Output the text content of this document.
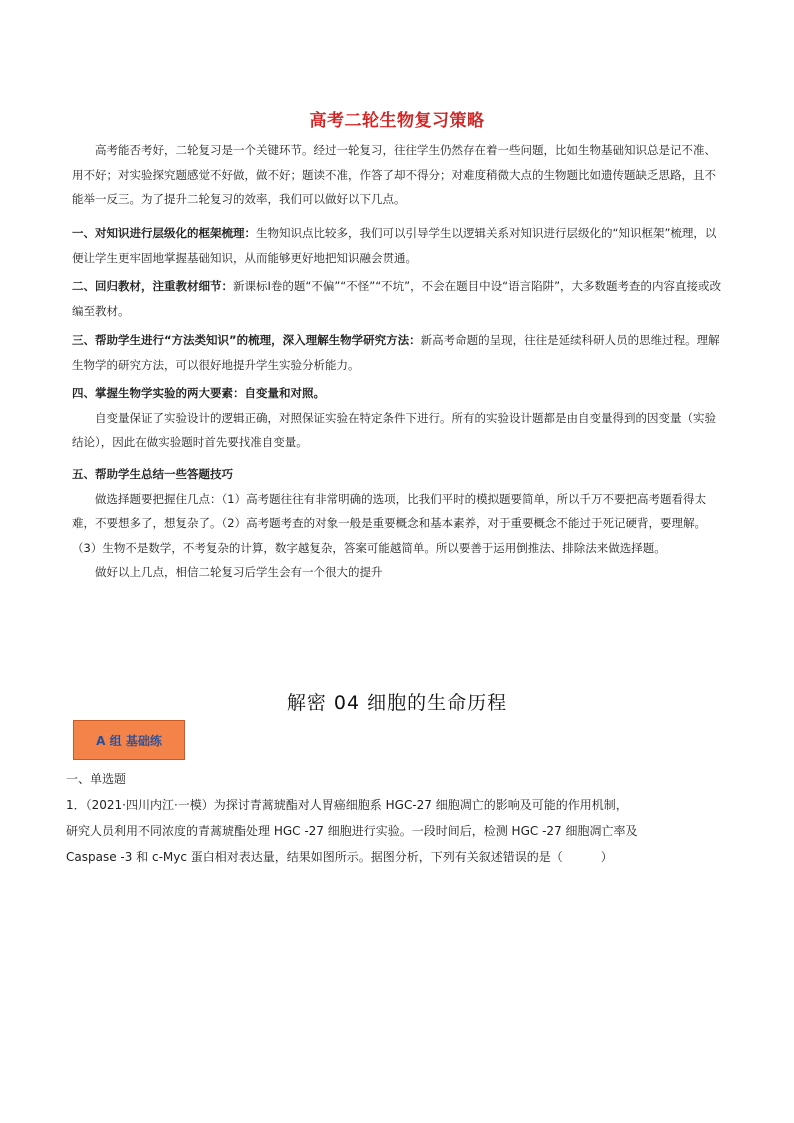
高考二轮生物复习策略

高考能否考好，二轮复习是一个关键环节。经过一轮复习，往往学生仍然存在着一些问题，比如生物基础知识总是记不准、用不好；对实验探究题感觉不好做，做不好；题读不准，作答了却不得分；对难度稍微大点的生物题比如遗传题缺乏思路，且不能举一反三。为了提升二轮复习的效率，我们可以做好以下几点。

一、对知识进行层级化的框架梳理：生物知识点比较多，我们可以引导学生以逻辑关系对知识进行层级化的“知识框架”梳理，以便让学生更牢固地掌握基础知识，从而能够更好地把知识融会贯通。

二、回归教材，注重教材细节：新课标Ⅰ卷的题“不偏”“不怪”“不坑”，不会在题目中设“语言陷阱”，大多数题考查的内容直接或改编至教材。

三、帮助学生进行“方法类知识”的梳理，深入理解生物学研究方法：新高考命题的呈现，往往是延续科研人员的思维过程。理解生物学的研究方法，可以很好地提升学生实验分析能力。

四、掌握生物学实验的两大要素：自变量和对照。

自变量保证了实验设计的逻辑正确，对照保证实验在特定条件下进行。所有的实验设计题都是由自变量得到的因变量（实验结论），因此在做实验题时首先要找准自变量。

五、帮助学生总结一些答题技巧

做选择题要把握住几点：（1）高考题往往有非常明确的选项，比我们平时的模拟题要简单，所以千万不要把高考题看得太难，不要想多了，想复杂了。（2）高考题考查的对象一般是重要概念和基本素养，对于重要概念不能过于死记硬背，要理解。（3）生物不是数学，不考复杂的计算，数字越复杂，答案可能越简单。所以要善于运用倒推法、排除法来做选择题。

做好以上几点，相信二轮复习后学生会有一个很大的提升

解密 04 细胞的生命历程
A 组 基础练

一、单选题

1．（2021·四川内江·一模）为探讨青蒿琥酯对人胃癌细胞系 HGC-27 细胞凋亡的影响及可能的作用机制，

研究人员利用不同浓度的青蒿琥酯处理 HGC -27 细胞进行实验。一段时间后，检测 HGC -27 细胞凋亡率及

Caspase -3 和 c-Myc 蛋白相对表达量，结果如图所示。据图分析，下列有关叙述错误的是（	）
